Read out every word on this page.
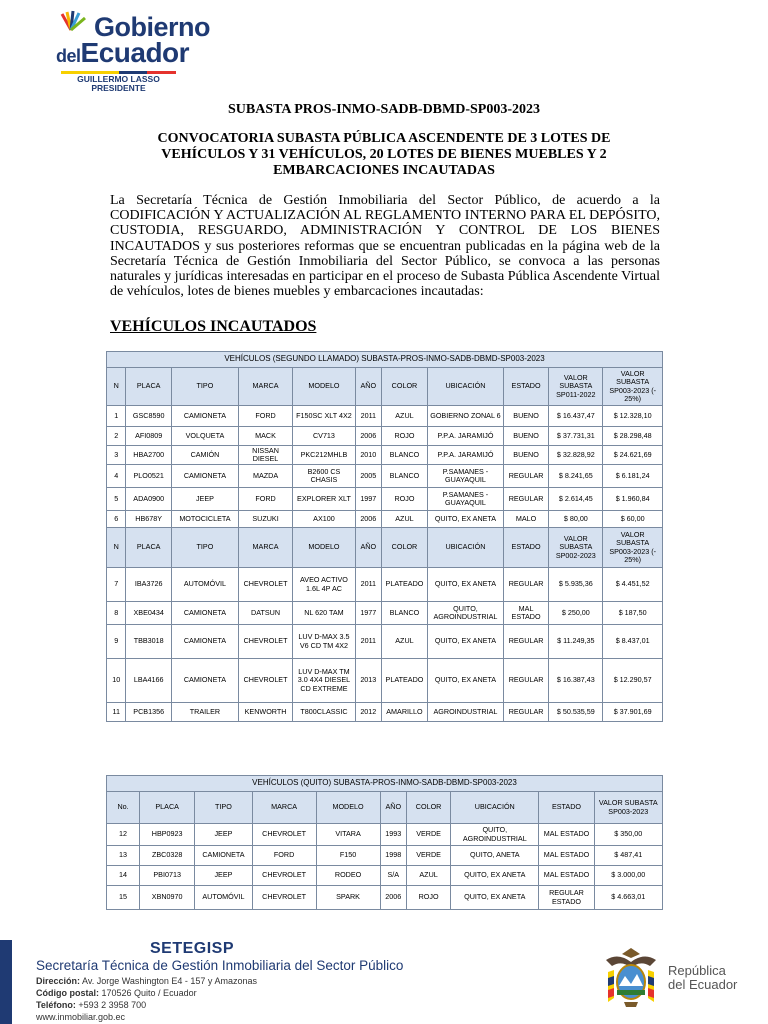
Gobierno
delEcuador
GUILLERMO LASSO
PRESIDENTE
SUBASTA PROS-INMO-SADB-DBMD-SP003-2023
CONVOCATORIA SUBASTA PÚBLICA ASCENDENTE DE 3 LOTES DE VEHÍCULOS Y 31 VEHÍCULOS, 20 LOTES DE BIENES MUEBLES Y 2 EMBARCACIONES INCAUTADAS
La Secretaría Técnica de Gestión Inmobiliaria del Sector Público, de acuerdo a la CODIFICACIÓN Y ACTUALIZACIÓN AL REGLAMENTO INTERNO PARA EL DEPÓSITO, CUSTODIA, RESGUARDO, ADMINISTRACIÓN Y CONTROL DE LOS BIENES INCAUTADOS y sus posteriores reformas que se encuentran publicadas en la página web de la Secretaría Técnica de Gestión Inmobiliaria del Sector Público, se convoca a las personas naturales y jurídicas interesadas en participar en el proceso de Subasta Pública Ascendente Virtual de vehículos, lotes de bienes muebles y embarcaciones incautadas:
VEHÍCULOS INCAUTADOS
VEHÍCULOS (SEGUNDO LLAMADO) SUBASTA-PROS-INMO-SADB-DBMD-SP003-2023										
N	PLACA	TIPO	MARCA	MODELO	AÑO	COLOR	UBICACIÓN	ESTADO	VALOR SUBASTA SP011-2022	VALOR SUBASTA SP003-2023 (- 25%)
1	GSC8590	CAMIONETA	FORD	F150SC XLT 4X2	2011	AZUL	GOBIERNO ZONAL 6	BUENO	$ 16.437,47	$ 12.328,10
2	AFI0809	VOLQUETA	MACK	CV713	2006	ROJO	P.P.A. JARAMIJÓ	BUENO	$ 37.731,31	$ 28.298,48
3	HBA2700	CAMIÓN	NISSAN DIESEL	PKC212MHLB	2010	BLANCO	P.P.A. JARAMIJÓ	BUENO	$ 32.828,92	$ 24.621,69
4	PLO0521	CAMIONETA	MAZDA	B2600 CS CHASIS	2005	BLANCO	P.SAMANES - GUAYAQUIL	REGULAR	$ 8.241,65	$ 6.181,24
5	ADA0900	JEEP	FORD	EXPLORER XLT	1997	ROJO	P.SAMANES - GUAYAQUIL	REGULAR	$ 2.614,45	$ 1.960,84
6	HB678Y	MOTOCICLETA	SUZUKI	AX100	2006	AZUL	QUITO, EX ANETA	MALO	$ 80,00	$ 60,00
N	PLACA	TIPO	MARCA	MODELO	AÑO	COLOR	UBICACIÓN	ESTADO	VALOR SUBASTA SP002-2023	VALOR SUBASTA SP003-2023 (- 25%)
7	IBA3726	AUTOMÓVIL	CHEVROLET	AVEO ACTIVO 1.6L 4P AC	2011	PLATEADO	QUITO, EX ANETA	REGULAR	$ 5.935,36	$ 4.451,52
8	XBE0434	CAMIONETA	DATSUN	NL 620 TAM	1977	BLANCO	QUITO, AGROINDUSTRIAL	MAL ESTADO	$ 250,00	$ 187,50
9	TBB3018	CAMIONETA	CHEVROLET	LUV D-MAX 3.5 V6 CD TM 4X2	2011	AZUL	QUITO, EX ANETA	REGULAR	$ 11.249,35	$ 8.437,01
10	LBA4166	CAMIONETA	CHEVROLET	LUV D-MAX TM 3.0 4X4 DIESEL CD EXTREME	2013	PLATEADO	QUITO, EX ANETA	REGULAR	$ 16.387,43	$ 12.290,57
11	PCB1356	TRAILER	KENWORTH	T800CLASSIC	2012	AMARILLO	AGROINDUSTRIAL	REGULAR	$ 50.535,59	$ 37.901,69
VEHÍCULOS (QUITO) SUBASTA-PROS-INMO-SADB-DBMD-SP003-2023									
No.	PLACA	TIPO	MARCA	MODELO	AÑO	COLOR	UBICACIÓN	ESTADO	VALOR SUBASTA SP003-2023
12	HBP0923	JEEP	CHEVROLET	VITARA	1993	VERDE	QUITO, AGROINDUSTRIAL	MAL ESTADO	$ 350,00
13	ZBC0328	CAMIONETA	FORD	F150	1998	VERDE	QUITO, ANETA	MAL ESTADO	$ 487,41
14	PBI0713	JEEP	CHEVROLET	RODEO	S/A	AZUL	QUITO, EX ANETA	MAL ESTADO	$ 3.000,00
15	XBN0970	AUTOMÓVIL	CHEVROLET	SPARK	2006	ROJO	QUITO, EX ANETA	REGULAR ESTADO	$ 4.663,01
SETEGISP
Secretaría Técnica de Gestión Inmobiliaria del Sector Público
Dirección: Av. Jorge Washington E4 - 157 y Amazonas
Código postal: 170526 Quito / Ecuador
Teléfono: +593 2 3958 700
www.inmobiliar.gob.ec
República
del Ecuador
